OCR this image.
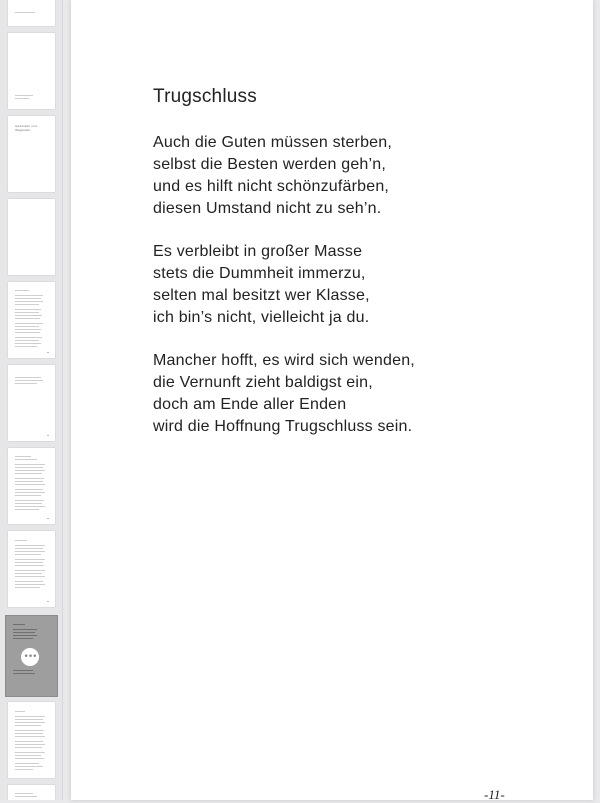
Gedanken und Wegzeilen
•••
Trugschluss
Auch die Guten müssen sterben,
selbst die Besten werden geh’n,
und es hilft nicht schönzufärben,
diesen Umstand nicht zu seh’n.
Es verbleibt in großer Masse
stets die Dummheit immerzu,
selten mal besitzt wer Klasse,
ich bin’s nicht, vielleicht ja du.
Mancher hofft, es wird sich wenden,
die Vernunft zieht baldigst ein,
doch am Ende aller Enden
wird die Hoffnung Trugschluss sein.
-11-
